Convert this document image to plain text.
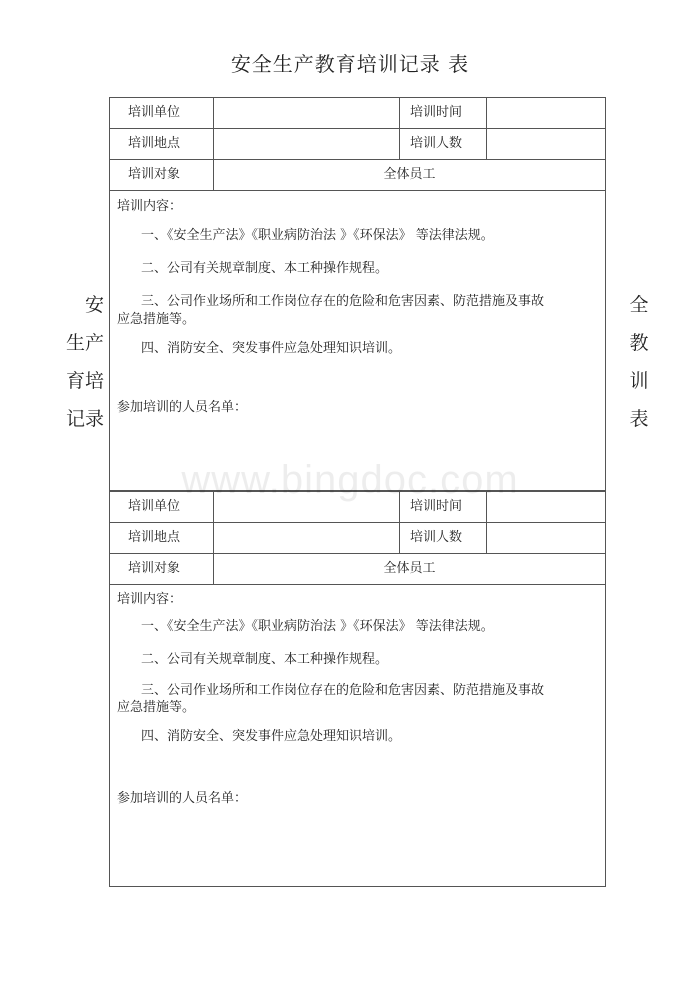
安全生产教育培训记录 表
安
生产
育培
记录
全
教
训
表
培训单位	培训时间
培训地点	培训人数
培训对象	全体员工
培训内容：
一、《安全生产法》《职业病防治法 》《环保法》 等法律法规。
二、公司有关规章制度、本工种操作规程。
三、公司作业场所和工作岗位存在的危险和危害因素、防范措施及事故
应急措施等。
四、消防安全、突发事件应急处理知识培训。
参加培训的人员名单：
培训单位	培训时间
培训地点	培训人数
培训对象	全体员工
培训内容：
一、《安全生产法》《职业病防治法 》《环保法》 等法律法规。
二、公司有关规章制度、本工种操作规程。
三、公司作业场所和工作岗位存在的危险和危害因素、防范措施及事故
应急措施等。
四、消防安全、突发事件应急处理知识培训。
参加培训的人员名单：
www.bingdoc.com
